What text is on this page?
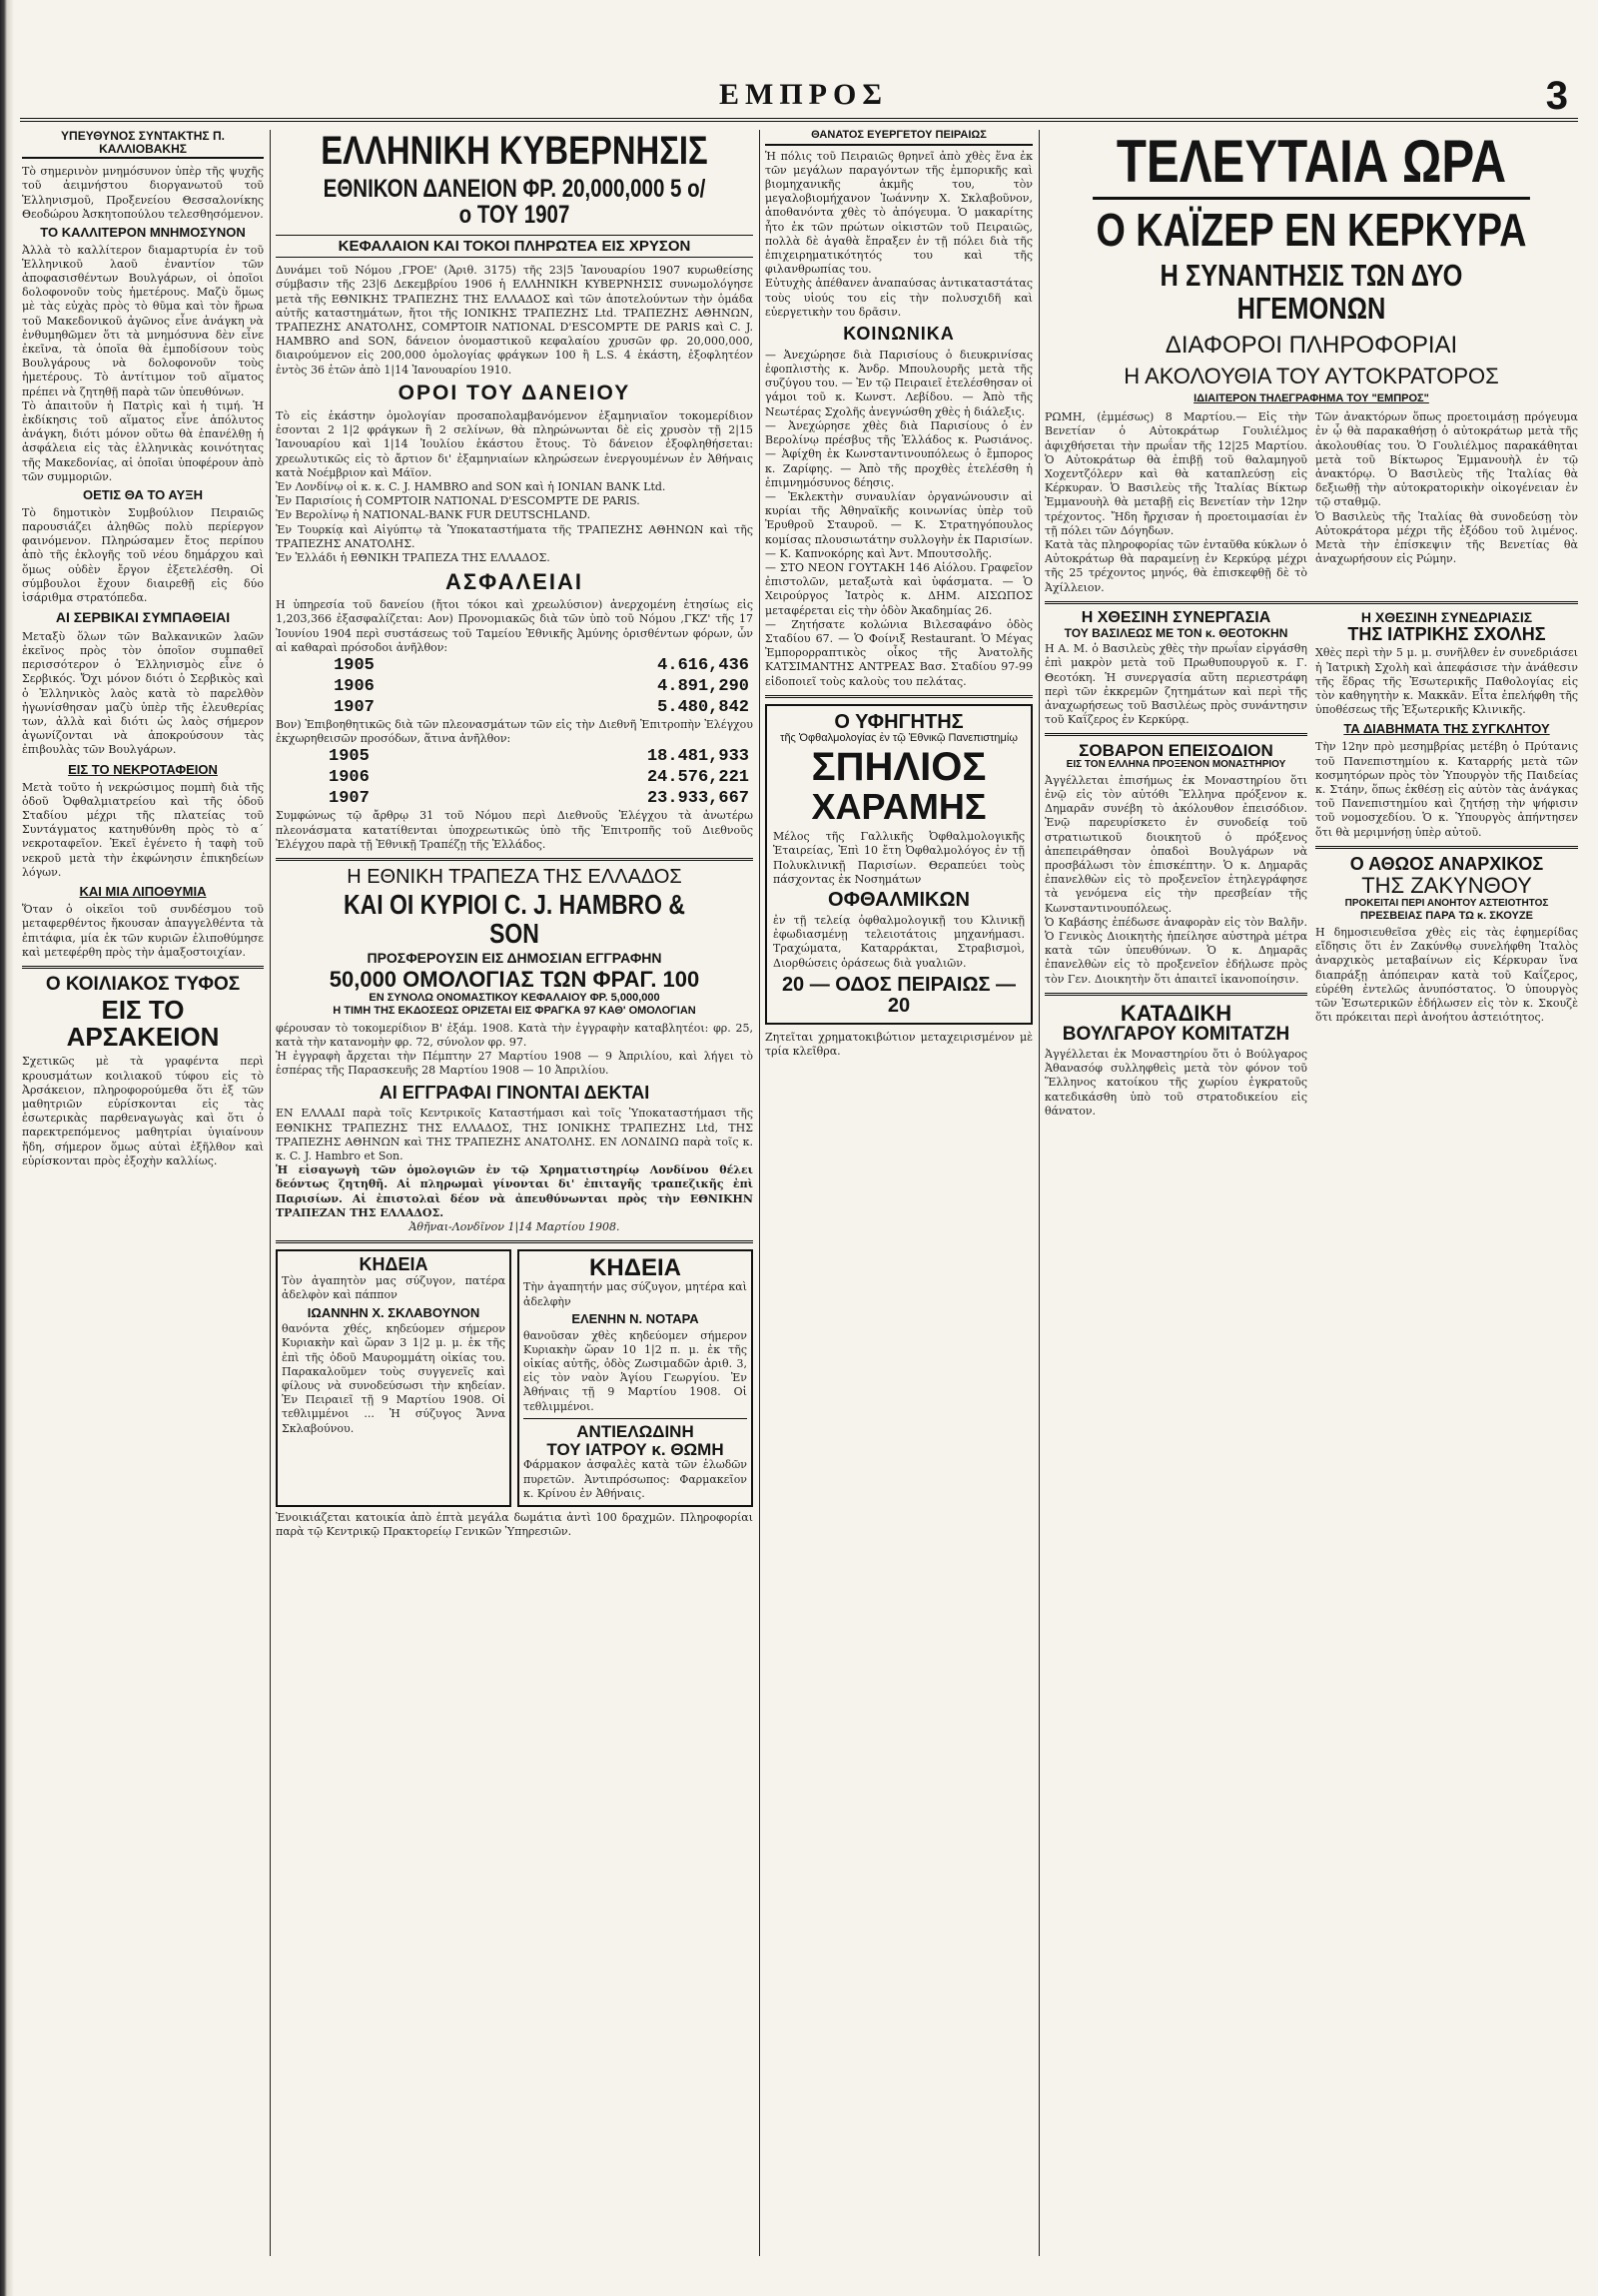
ΕΜΠΡΟΣ	3
ΥΠΕΥΘΥΝΟΣ ΣΥΝΤΑΚΤΗΣ Π. ΚΑΛΛΙΟΒΑΚΗΣ

Τὸ σημερινὸν μνημόσυνον ὑπὲρ τῆς ψυχῆς τοῦ ἀειμνήστου διοργανωτοῦ τοῦ Ἑλληνισμοῦ, Προξενείου Θεσσαλονίκης Θεοδώρου Ἀσκητοπούλου τελεσθησόμενον.

ΤΟ ΚΑΛΛΙΤΕΡΟΝ ΜΝΗΜΟΣΥΝΟΝ

Ἀλλὰ τὸ καλλίτερον διαμαρτυρία ἐν τοῦ Ἑλληνικοῦ λαοῦ ἐναντίον τῶν ἀποφασισθέντων Βουλγάρων, οἱ ὁποῖοι δολοφονοῦν τοὺς ἡμετέρους. Μαζὺ ὅμως μὲ τὰς εὐχὰς πρὸς τὸ θῦμα καὶ τὸν ἥρωα τοῦ Μακεδονικοῦ ἀγῶνος εἶνε ἀνάγκη νὰ ἐνθυμηθῶμεν ὅτι τὰ μνημόσυνα δὲν εἶνε ἐκεῖνα, τὰ ὁποῖα θὰ ἐμποδίσουν τοὺς Βουλγάρους νὰ δολοφονοῦν τοὺς ἡμετέρους. Τὸ ἀντίτιμον τοῦ αἵματος πρέπει νὰ ζητηθῇ παρὰ τῶν ὑπευθύνων.

Τὸ ἀπαιτοῦν ἡ Πατρὶς καὶ ἡ τιμή. Ἡ ἐκδίκησις τοῦ αἵματος εἶνε ἀπόλυτος ἀνάγκη, διότι μόνον οὕτω θὰ ἐπανέλθῃ ἡ ἀσφάλεια εἰς τὰς ἐλληνικὰς κοινότητας τῆς Μακεδονίας, αἱ ὁποῖαι ὑποφέρουν ἀπὸ τῶν συμμοριῶν.

ΟΕΤΙΣ ΘΑ ΤΟ ΑΥΞΗ

Τὸ δημοτικὸν Συμβούλιον Πειραιῶς παρουσιάζει ἀληθῶς πολὺ περίεργον φαινόμενον. Πληρώσαμεν ἔτος περίπου ἀπὸ τῆς ἐκλογῆς τοῦ νέου δημάρχου καὶ ὅμως οὐδὲν ἔργον ἐξετελέσθη. Οἱ σύμβουλοι ἔχουν διαιρεθῇ εἰς δύο ἰσάριθμα στρατόπεδα.

ΑΙ ΣΕΡΒΙΚΑΙ ΣΥΜΠΑΘΕΙΑΙ

Μεταξὺ ὅλων τῶν Βαλκανικῶν λαῶν ἐκεῖνος πρὸς τὸν ὁποῖον συμπαθεῖ περισσότερον ὁ Ἑλληνισμὸς εἶνε ὁ Σερβικός. Ὄχι μόνον διότι ὁ Σερβικὸς καὶ ὁ Ἑλληνικὸς λαὸς κατὰ τὸ παρελθὸν ἠγωνίσθησαν μαζὺ ὑπὲρ τῆς ἐλευθερίας των, ἀλλὰ καὶ διότι ὡς λαὸς σήμερον ἀγωνίζονται νὰ ἀποκρούσουν τὰς ἐπιβουλὰς τῶν Βουλγάρων.

ΕΙΣ ΤΟ ΝΕΚΡΟΤΑΦΕΙΟΝ

Μετὰ τοῦτο ἡ νεκρώσιμος πομπὴ διὰ τῆς ὁδοῦ Ὀφθαλμιατρείου καὶ τῆς ὁδοῦ Σταδίου μέχρι τῆς πλατείας τοῦ Συντάγματος κατηυθύνθη πρὸς τὸ α΄ νεκροταφεῖον. Ἐκεῖ ἐγένετο ἡ ταφὴ τοῦ νεκροῦ μετὰ τὴν ἐκφώνησιν ἐπικηδείων λόγων.

ΚΑΙ ΜΙΑ ΛΙΠΟΘΥΜΙΑ

Ὅταν ὁ οἰκεῖοι τοῦ συνδέσμου τοῦ μεταφερθέντος ἤκουσαν ἀπαγγελθέντα τὰ ἐπιτάφια, μία ἐκ τῶν κυριῶν ἐλιποθύμησε καὶ μετεφέρθη πρὸς τὴν ἀμαξοστοιχίαν.

Ο ΚΟΙΛΙΑΚΟΣ ΤΥΦΟΣ
ΕΙΣ ΤΟ ΑΡΣΑΚΕΙΟΝ

Σχετικῶς μὲ τὰ γραφέντα περὶ κρουσμάτων κοιλιακοῦ τύφου εἰς τὸ Ἀρσάκειον, πληροφορούμεθα ὅτι ἐξ τῶν μαθητριῶν εὑρίσκονται εἰς τὰς ἐσωτερικὰς παρθεναγωγὰς καὶ ὅτι ὁ παρεκτρεπόμενος μαθητρίαι ὑγιαίνουν ἤδη, σήμερον ὅμως αὐταὶ ἐξῆλθον καὶ εὑρίσκονται πρὸς ἐξοχὴν καλλίως.

ΕΛΛΗΝΙΚΗ ΚΥΒΕΡΝΗΣΙΣ
ΕΘΝΙΚΟΝ ΔΑΝΕΙΟΝ ΦΡ. 20,000,000 5 ο/ο ΤΟΥ 1907
ΚΕΦΑΛΑΙΟΝ ΚΑΙ ΤΟΚΟΙ ΠΛΗΡΩΤΕΑ ΕΙΣ ΧΡΥΣΟΝ

Δυνάμει τοῦ Νόμου ,ΓΡΟΕ' (Ἀριθ. 3175) τῆς 23|5 Ἰανουαρίου 1907 κυρωθείσης σύμβασιν τῆς 23|6 Δεκεμβρίου 1906 ἡ ΕΛΛΗΝΙΚΗ ΚΥΒΕΡΝΗΣΙΣ συνωμολόγησε μετὰ τῆς ΕΘΝΙΚΗΣ ΤΡΑΠΕΖΗΣ ΤΗΣ ΕΛΛΑΔΟΣ καὶ τῶν ἀποτελούντων τὴν ὁμάδα αὐτῆς καταστημάτων, ἤτοι τῆς ΙΟΝΙΚΗΣ ΤΡΑΠΕΖΗΣ Ltd. ΤΡΑΠΕΖΗΣ ΑΘΗΝΩΝ, ΤΡΑΠΕΖΗΣ ΑΝΑΤΟΛΗΣ, COMPTOIR NATIONAL D'ESCOMPTE DE PARIS καὶ C. J. HAMBRO and SON, δάνειον ὀνομαστικοῦ κεφαλαίου χρυσῶν φρ. 20,000,000, διαιρούμενον εἰς 200,000 ὁμολογίας φράγκων 100 ἢ L.S. 4 ἑκάστη, ἐξοφλητέον ἐντὸς 36 ἐτῶν ἀπὸ 1|14 Ἰανουαρίου 1910.

ΟΡΟΙ ΤΟΥ ΔΑΝΕΙΟΥ

Τὸ εἰς ἑκάστην ὁμολογίαν προσαπολαμβανόμενον ἐξαμηνιαῖον τοκομερίδιον ἐσονται 2 1|2 φράγκων ἢ 2 σελίνων, θὰ πληρώνωνται δὲ εἰς χρυσὸν τῇ 2|15 Ἰανουαρίου καὶ 1|14 Ἰουλίου ἑκάστου ἔτους. Τὸ δάνειον ἐξοφληθήσεται: χρεωλυτικῶς εἰς τὸ ἄρτιον δι' ἐξαμηνιαίων κληρώσεων ἐνεργουμένων ἐν Ἀθήναις κατὰ Νοέμβριον καὶ Μάϊον.

Ἐν Λονδίνῳ οἱ κ. κ. C. J. HAMBRO and SON καὶ ἡ IONIAN BANK Ltd.

Ἐν Παρισίοις ἡ COMPTOIR NATIONAL D'ESCOMPTE DE PARIS.

Ἐν Βερολίνῳ ἡ NATIONAL-BANK FUR DEUTSCHLAND.

Ἐν Τουρκίᾳ καὶ Αἰγύπτῳ τὰ Ὑποκαταστήματα τῆς ΤΡΑΠΕΖΗΣ ΑΘΗΝΩΝ καὶ τῆς ΤΡΑΠΕΖΗΣ ΑΝΑΤΟΛΗΣ.

Ἐν Ἑλλάδι ἡ ΕΘΝΙΚΗ ΤΡΑΠΕΖΑ ΤΗΣ ΕΛΛΑΔΟΣ.

ΑΣΦΑΛΕΙΑΙ

Η ὑπηρεσία τοῦ δανείου (ἤτοι τόκοι καὶ χρεωλύσιον) ἀνερχομένη ἐτησίως εἰς 1,203,366 ἐξασφαλίζεται: Αον) Προνομιακῶς διὰ τῶν ὑπὸ τοῦ Νόμου ,ΓΚΖ' τῆς 17 Ἰουνίου 1904 περὶ συστάσεως τοῦ Ταμείου Ἐθνικῆς Ἀμύνης ὁρισθέντων φόρων, ὧν αἱ καθαραὶ πρόσοδοι ἀνῆλθον:

1905	4.616,436
1906	4.891,290
1907	5.480,842

Βον) Ἐπιβοηθητικῶς διὰ τῶν πλεονασμάτων τῶν εἰς τὴν Διεθνῆ Ἐπιτροπὴν Ἐλέγχου ἐκχωρηθεισῶν προσόδων, ἅτινα ἀνῆλθον:

1905	18.481,933
1906	24.576,221
1907	23.933,667

Συμφώνως τῷ ἄρθρῳ 31 τοῦ Νόμου περὶ Διεθνοῦς Ἐλέγχου τὰ ἀνωτέρω πλεονάσματα κατατίθενται ὑποχρεωτικῶς ὑπὸ τῆς Ἐπιτροπῆς τοῦ Διεθνοῦς Ἐλέγχου παρὰ τῇ Ἐθνικῇ Τραπέζῃ τῆς Ἑλλάδος.

Η ΕΘΝΙΚΗ ΤΡΑΠΕΖΑ ΤΗΣ ΕΛΛΑΔΟΣ
ΚΑΙ ΟΙ ΚΥΡΙΟΙ C. J. HAMBRO & SON
ΠΡΟΣΦΕΡΟΥΣΙΝ ΕΙΣ ΔΗΜΟΣΙΑΝ ΕΓΓΡΑΦΗΝ
50,000 ΟΜΟΛΟΓΙΑΣ ΤΩΝ ΦΡΑΓ. 100
ΕΝ ΣΥΝΟΛΩ ΟΝΟΜΑΣΤΙΚΟΥ ΚΕΦΑΛΑΙΟΥ ΦΡ. 5,000,000
Η ΤΙΜΗ ΤΗΣ ΕΚΔΟΣΕΩΣ ΟΡΙΖΕΤΑΙ ΕΙΣ ΦΡΑΓΚΑ 97 ΚΑΘ' ΟΜΟΛΟΓΙΑΝ

φέρουσαν τὸ τοκομερίδιον Β' ἐξάμ. 1908. Κατὰ τὴν ἐγγραφὴν καταβλητέοι: φρ. 25, κατὰ τὴν κατανομὴν φρ. 72, σύνολον φρ. 97.

Ἡ ἐγγραφὴ ἄρχεται τὴν Πέμπτην 27 Μαρτίου 1908 — 9 Ἀπριλίου, καὶ λήγει τὸ ἑσπέρας τῆς Παρασκευῆς 28 Μαρτίου 1908 — 10 Ἀπριλίου.

ΑΙ ΕΓΓΡΑΦΑΙ ΓΙΝΟΝΤΑΙ ΔΕΚΤΑΙ

ΕΝ ΕΛΛΑΔΙ παρὰ τοῖς Κεντρικοῖς Καταστήμασι καὶ τοῖς Ὑποκαταστήμασι τῆς ΕΘΝΙΚΗΣ ΤΡΑΠΕΖΗΣ ΤΗΣ ΕΛΛΑΔΟΣ, ΤΗΣ ΙΟΝΙΚΗΣ ΤΡΑΠΕΖΗΣ Ltd, ΤΗΣ ΤΡΑΠΕΖΗΣ ΑΘΗΝΩΝ καὶ ΤΗΣ ΤΡΑΠΕΖΗΣ ΑΝΑΤΟΛΗΣ. ΕΝ ΛΟΝΔΙΝΩ παρὰ τοῖς κ. κ. C. J. Hambro et Son.

Ἡ εἰσαγωγὴ τῶν ὁμολογιῶν ἐν τῷ Χρηματιστηρίῳ Λονδίνου θέλει δεόντως ζητηθῆ. Αἱ πληρωμαὶ γίνονται δι' ἐπιταγῆς τραπεζικῆς ἐπὶ Παρισίων. Αἱ ἐπιστολαὶ δέον νὰ ἀπευθύνωνται πρὸς τὴν ΕΘΝΙΚΗΝ ΤΡΑΠΕΖΑΝ ΤΗΣ ΕΛΛΑΔΟΣ.

Ἀθῆναι-Λονδῖνον 1|14 Μαρτίου 1908.

ΚΗΔΕΙΑ

Τὸν ἀγαπητὸν μας σύζυγον, πατέρα ἀδελφὸν καὶ πάππον

ΙΩΑΝΝΗΝ Χ. ΣΚΛΑΒΟΥΝΟΝ

θανόντα χθές, κηδεύομεν σήμερον Κυριακὴν καὶ ὥραν 3 1|2 μ. μ. ἐκ τῆς ἐπὶ τῆς ὁδοῦ Μαυρομμάτη οἰκίας του. Παρακαλοῦμεν τοὺς συγγενεῖς καὶ φίλους νὰ συνοδεύσωσι τὴν κηδείαν. Ἐν Πειραιεῖ τῇ 9 Μαρτίου 1908. Οἱ τεθλιμμένοι ... Ἡ σύζυγος Ἄννα Σκλαβούνου.

ΚΗΔΕΙΑ

Τὴν ἀγαπητήν μας σύζυγον, μητέρα καὶ ἀδελφὴν

ΕΛΕΝΗΝ Ν. ΝΟΤΑΡΑ

θανοῦσαν χθὲς κηδεύομεν σήμερον Κυριακὴν ὥραν 10 1|2 π. μ. ἐκ τῆς οἰκίας αὐτῆς, ὁδὸς Ζωσιμαδῶν ἀριθ. 3, εἰς τὸν ναὸν Ἁγίου Γεωργίου. Ἐν Ἀθήναις τῇ 9 Μαρτίου 1908. Οἱ τεθλιμμένοι.

ΑΝΤΙΕΛΩΔΙΝΗ
ΤΟΥ ΙΑΤΡΟΥ κ. ΘΩΜΗ

Φάρμακον ἀσφαλὲς κατὰ τῶν ἑλωδῶν πυρετῶν. Ἀντιπρόσωπος: Φαρμακεῖον κ. Κρίνου ἐν Ἀθήναις.

Ἐνοικιάζεται κατοικία ἀπὸ ἑπτὰ μεγάλα δωμάτια ἀντὶ 100 δραχμῶν. Πληροφορίαι παρὰ τῷ Κεντρικῷ Πρακτορείῳ Γενικῶν Ὑπηρεσιῶν.

ΘΑΝΑΤΟΣ ΕΥΕΡΓΕΤΟΥ ΠΕΙΡΑΙΩΣ

Ἡ πόλις τοῦ Πειραιῶς θρηνεῖ ἀπὸ χθὲς ἕνα ἐκ τῶν μεγάλων παραγόντων τῆς ἐμπορικῆς καὶ βιομηχανικῆς ἀκμῆς του, τὸν μεγαλοβιομήχανον Ἰωάννην Χ. Σκλαβοῦνον, ἀποθανόντα χθὲς τὸ ἀπόγευμα. Ὁ μακαρίτης ἦτο ἐκ τῶν πρώτων οἰκιστῶν τοῦ Πειραιῶς, πολλὰ δὲ ἀγαθὰ ἔπραξεν ἐν τῇ πόλει διὰ τῆς ἐπιχειρηματικότητός του καὶ τῆς φιλανθρωπίας του.

Εὐτυχὴς ἀπέθανεν ἀναπαύσας ἀντικαταστάτας τοὺς υἱούς του εἰς τὴν πολυσχιδῆ καὶ εὐεργετικὴν του δρᾶσιν.

ΚΟΙΝΩΝΙΚΑ

— Ἀνεχώρησε διὰ Παρισίους ὁ διευκρινίσας ἐφοπλιστὴς κ. Ἀνδρ. Μπουλουρῆς μετὰ τῆς συζύγου του. — Ἐν τῷ Πειραιεῖ ἐτελέσθησαν οἱ γάμοι τοῦ κ. Κωνστ. Λεβίδου. — Ἀπὸ τῆς Νεωτέρας Σχολῆς ἀνεγνώσθη χθὲς ἡ διάλεξις.

— Ἀνεχώρησε χθὲς διὰ Παρισίους ὁ ἐν Βερολίνῳ πρέσβυς τῆς Ἑλλάδος κ. Ρωσιάνος. — Ἀφίχθη ἐκ Κωνσταντινουπόλεως ὁ ἔμπορος κ. Ζαρίφης. — Ἀπὸ τῆς προχθὲς ἐτελέσθη ἡ ἐπιμνημόσυνος δέησις.

— Ἐκλεκτὴν συναυλίαν ὀργανώνουσιν αἱ κυρίαι τῆς Ἀθηναϊκῆς κοινωνίας ὑπὲρ τοῦ Ἐρυθροῦ Σταυροῦ. — Κ. Στρατηγόπουλος κομίσας πλουσιωτάτην συλλογὴν ἐκ Παρισίων. — Κ. Καπνοκόρης καὶ Ἀντ. Μπουτσολῆς.

— ΣΤΟ ΝΕΟΝ ΓΟΥΤΑΚΗ 146 Αἰόλου. Γραφεῖον ἐπιστολῶν, μεταξωτὰ καὶ ὑφάσματα. — Ὁ Χειρούργος Ἰατρὸς κ. ΔΗΜ. ΑΙΣΩΠΟΣ μεταφέρεται εἰς τὴν ὁδὸν Ἀκαδημίας 26.

— Ζητήσατε κολώνια Βιλεσαφάνο ὁδὸς Σταδίου 67. — Ὁ Φοίνιξ Restaurant. Ὁ Μέγας Ἐμπορορραπτικὸς οἶκος τῆς Ἀνατολῆς ΚΑΤΣΙΜΑΝΤΗΣ ΑΝΤΡΕΑΣ Βασ. Σταδίου 97-99 εἰδοποιεῖ τοὺς καλοὺς του πελάτας.

Ο ΥΦΗΓΗΤΗΣ
τῆς Ὀφθαλμολογίας ἐν τῷ Ἐθνικῷ Πανεπιστημίῳ
ΣΠΗΛΙΟΣ
ΧΑΡΑΜΗΣ

Μέλος τῆς Γαλλικῆς Ὀφθαλμολογικῆς Ἑταιρείας, Ἐπὶ 10 ἔτη Ὀφθαλμολόγος ἐν τῇ Πολυκλινικῇ Παρισίων. Θεραπεύει τοὺς πάσχοντας ἐκ Νοσημάτων

ΟΦΘΑΛΜΙΚΩΝ

ἐν τῇ τελείᾳ ὀφθαλμολογικῇ του Κλινικῇ ἐφωδιασμένῃ τελειοτάτοις μηχανήμασι. Τραχώματα, Καταρράκται, Στραβισμοὶ, Διορθώσεις ὁράσεως διὰ γυαλιῶν.

20 — ΟΔΟΣ ΠΕΙΡΑΙΩΣ — 20

Ζητεῖται χρηματοκιβώτιον μεταχειρισμένον μὲ τρία κλεῖθρα.

ΤΕΛΕΥΤΑΙΑ ΩΡΑ
Ο ΚΑΪΖΕΡ ΕΝ ΚΕΡΚΥΡΑ
Η ΣΥΝΑΝΤΗΣΙΣ ΤΩΝ ΔΥΟ ΗΓΕΜΟΝΩΝ
ΔΙΑΦΟΡΟΙ ΠΛΗΡΟΦΟΡΙΑΙ
Η ΑΚΟΛΟΥΘΙΑ ΤΟΥ ΑΥΤΟΚΡΑΤΟΡΟΣ
ΙΔΙΑΙΤΕΡΟΝ ΤΗΛΕΓΡΑΦΗΜΑ ΤΟΥ "ΕΜΠΡΟΣ"

ΡΩΜΗ, (ἐμμέσως) 8 Μαρτίου.— Εἰς τὴν Βενετίαν ὁ Αὐτοκράτωρ Γουλιέλμος ἀφιχθήσεται τὴν πρωΐαν τῆς 12|25 Μαρτίου. Ὁ Αὐτοκράτωρ θὰ ἐπιβῇ τοῦ θαλαμηγοῦ Χοχεντζόλερν καὶ θὰ καταπλεύσῃ εἰς Κέρκυραν. Ὁ Βασιλεὺς τῆς Ἰταλίας Βίκτωρ Ἐμμανουὴλ θὰ μεταβῇ εἰς Βενετίαν τὴν 12ην τρέχοντος. Ἤδη ἤρχισαν ἡ προετοιμασίαι ἐν τῇ πόλει τῶν Δόγηδων.

Κατὰ τὰς πληροφορίας τῶν ἐνταῦθα κύκλων ὁ Αὐτοκράτωρ θὰ παραμείνῃ ἐν Κερκύρᾳ μέχρι τῆς 25 τρέχοντος μηνός, θὰ ἐπισκεφθῇ δὲ τὸ Ἀχίλλειον.

Τῶν ἀνακτόρων ὅπως προετοιμάσῃ πρόγευμα ἐν ᾧ θὰ παρακαθήσῃ ὁ αὐτοκράτωρ μετὰ τῆς ἀκολουθίας του. Ὁ Γουλιέλμος παρακάθηται μετὰ τοῦ Βίκτωρος Ἐμμανουὴλ ἐν τῷ ἀνακτόρῳ. Ὁ Βασιλεὺς τῆς Ἰταλίας θὰ δεξιωθῇ τὴν αὐτοκρατορικὴν οἰκογένειαν ἐν τῷ σταθμῷ.

Ὁ Βασιλεὺς τῆς Ἰταλίας θὰ συνοδεύσῃ τὸν Αὐτοκράτορα μέχρι τῆς ἐξόδου τοῦ λιμένος. Μετὰ τὴν ἐπίσκεψιν τῆς Βενετίας θὰ ἀναχωρήσουν εἰς Ρώμην.

Η ΧΘΕΣΙΝΗ ΣΥΝΕΡΓΑΣΙΑ
ΤΟΥ ΒΑΣΙΛΕΩΣ ΜΕ ΤΟΝ κ. ΘΕΟΤΟΚΗΝ

Η Α. Μ. ὁ Βασιλεὺς χθὲς τὴν πρωΐαν εἰργάσθη ἐπὶ μακρὸν μετὰ τοῦ Πρωθυπουργοῦ κ. Γ. Θεοτόκη. Ἡ συνεργασία αὕτη περιεστράφη περὶ τῶν ἐκκρεμῶν ζητημάτων καὶ περὶ τῆς ἀναχωρήσεως τοῦ Βασιλέως πρὸς συνάντησιν τοῦ Καΐζερος ἐν Κερκύρᾳ.

ΣΟΒΑΡΟΝ ΕΠΕΙΣΟΔΙΟΝ
ΕΙΣ ΤΟΝ ΕΛΛΗΝΑ ΠΡΟΞΕΝΟΝ ΜΟΝΑΣΤΗΡΙΟΥ

Ἀγγέλλεται ἐπισήμως ἐκ Μοναστηρίου ὅτι ἐνῷ εἰς τὸν αὐτόθι Ἕλληνα πρόξενον κ. Δημαρᾶν συνέβη τὸ ἀκόλουθον ἐπεισόδιον. Ἐνῷ παρευρίσκετο ἐν συνοδείᾳ τοῦ στρατιωτικοῦ διοικητοῦ ὁ πρόξενος ἀπεπειράθησαν ὀπαδοὶ Βουλγάρων νὰ προσβάλωσι τὸν ἐπισκέπτην. Ὁ κ. Δημαρᾶς ἐπανελθὼν εἰς τὸ προξενεῖον ἐτηλεγράφησε τὰ γενόμενα εἰς τὴν πρεσβείαν τῆς Κωνσταντινουπόλεως.

Ὁ Καβάσης ἐπέδωσε ἀναφορὰν εἰς τὸν Βαλῆν. Ὁ Γενικὸς Διοικητὴς ἠπείλησε αὐστηρὰ μέτρα κατὰ τῶν ὑπευθύνων. Ὁ κ. Δημαρᾶς ἐπανελθὼν εἰς τὸ προξενεῖον ἐδήλωσε πρὸς τὸν Γεν. Διοικητὴν ὅτι ἀπαιτεῖ ἱκανοποίησιν.

ΚΑΤΑΔΙΚΗ
ΒΟΥΛΓΑΡΟΥ ΚΟΜΙΤΑΤΖΗ

Ἀγγέλλεται ἐκ Μοναστηρίου ὅτι ὁ Βούλγαρος Ἀθανασόφ συλληφθεὶς μετὰ τὸν φόνον τοῦ Ἕλληνος κατοίκου τῆς χωρίου ἐγκρατοῦς κατεδικάσθη ὑπὸ τοῦ στρατοδικείου εἰς θάνατον.

Η ΧΘΕΣΙΝΗ ΣΥΝΕΔΡΙΑΣΙΣ
ΤΗΣ ΙΑΤΡΙΚΗΣ ΣΧΟΛΗΣ

Χθὲς περὶ τὴν 5 μ. μ. συνῆλθεν ἐν συνεδριάσει ἡ Ἰατρικὴ Σχολὴ καὶ ἀπεφάσισε τὴν ἀνάθεσιν τῆς ἕδρας τῆς Ἐσωτερικῆς Παθολογίας εἰς τὸν καθηγητὴν κ. Μακκᾶν. Εἶτα ἐπελήφθη τῆς ὑποθέσεως τῆς Ἐξωτερικῆς Κλινικῆς.

ΤΑ ΔΙΑΒΗΜΑΤΑ ΤΗΣ ΣΥΓΚΛΗΤΟΥ

Τὴν 12ην πρὸ μεσημβρίας μετέβη ὁ Πρύτανις τοῦ Πανεπιστημίου κ. Καταρρής μετὰ τῶν κοσμητόρων πρὸς τὸν Ὑπουργὸν τῆς Παιδείας κ. Στάην, ὅπως ἐκθέσῃ εἰς αὐτὸν τὰς ἀνάγκας τοῦ Πανεπιστημίου καὶ ζητήσῃ τὴν ψήφισιν τοῦ νομοσχεδίου. Ὁ κ. Ὑπουργὸς ἀπήντησεν ὅτι θὰ μεριμνήσῃ ὑπὲρ αὐτοῦ.

Ο ΑΘΩΟΣ ΑΝΑΡΧΙΚΟΣ
ΤΗΣ ΖΑΚΥΝΘΟΥ
ΠΡΟΚΕΙΤΑΙ ΠΕΡΙ ΑΝΟΗΤΟΥ ΑΣΤΕΙΟΤΗΤΟΣ
ΠΡΕΣΒΕΙΑΣ ΠΑΡΑ ΤΩ κ. ΣΚΟΥΖΕ

Η δημοσιευθεῖσα χθὲς εἰς τὰς ἐφημερίδας εἴδησις ὅτι ἐν Ζακύνθῳ συνελήφθη Ἰταλὸς ἀναρχικὸς μεταβαίνων εἰς Κέρκυραν ἵνα διαπράξῃ ἀπόπειραν κατὰ τοῦ Καΐζερος, εὑρέθη ἐντελῶς ἀνυπόστατος. Ὁ ὑπουργὸς τῶν Ἐσωτερικῶν ἐδήλωσεν εἰς τὸν κ. Σκουζὲ ὅτι πρόκειται περὶ ἀνοήτου ἀστειότητος.
